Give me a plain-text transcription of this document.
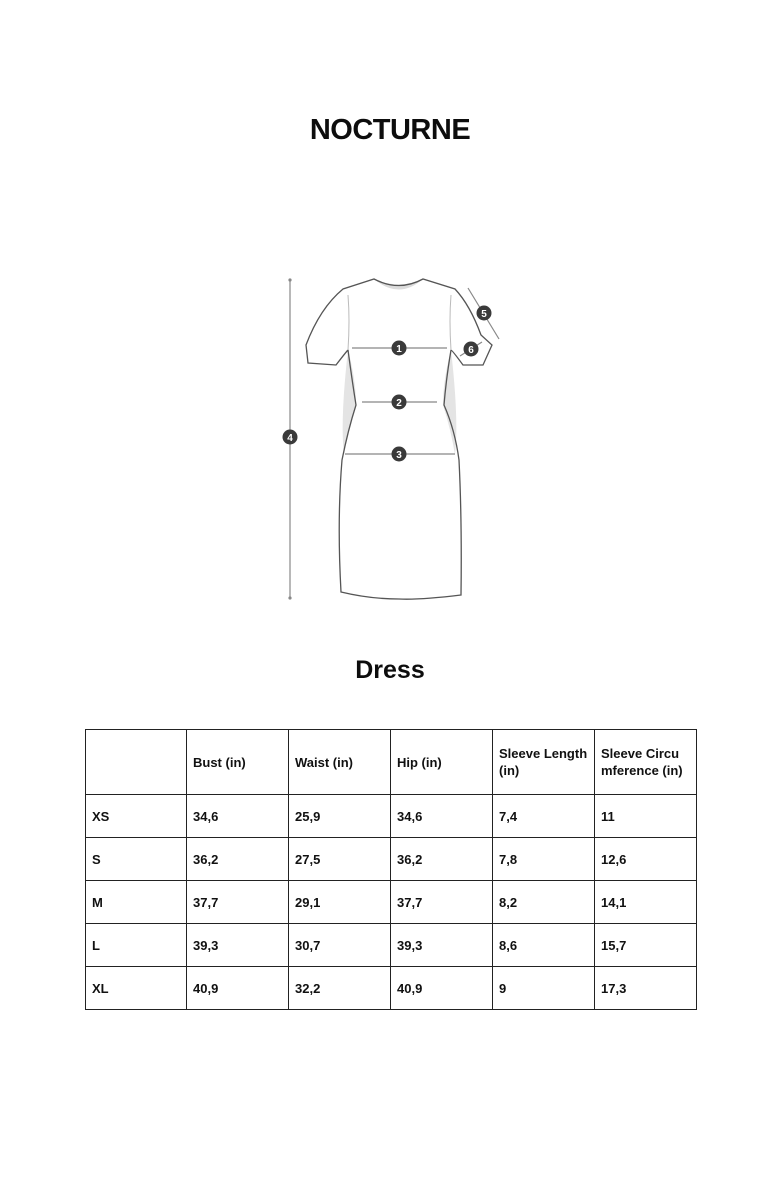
NOCTURNE
1
2
3
4
5
6
Dress
	Bust (in)	Waist (in)	Hip (in)	Sleeve Length (in)	Sleeve Circumference (in)
XS	34,6	25,9	34,6	7,4	11
S	36,2	27,5	36,2	7,8	12,6
M	37,7	29,1	37,7	8,2	14,1
L	39,3	30,7	39,3	8,6	15,7
XL	40,9	32,2	40,9	9	17,3
